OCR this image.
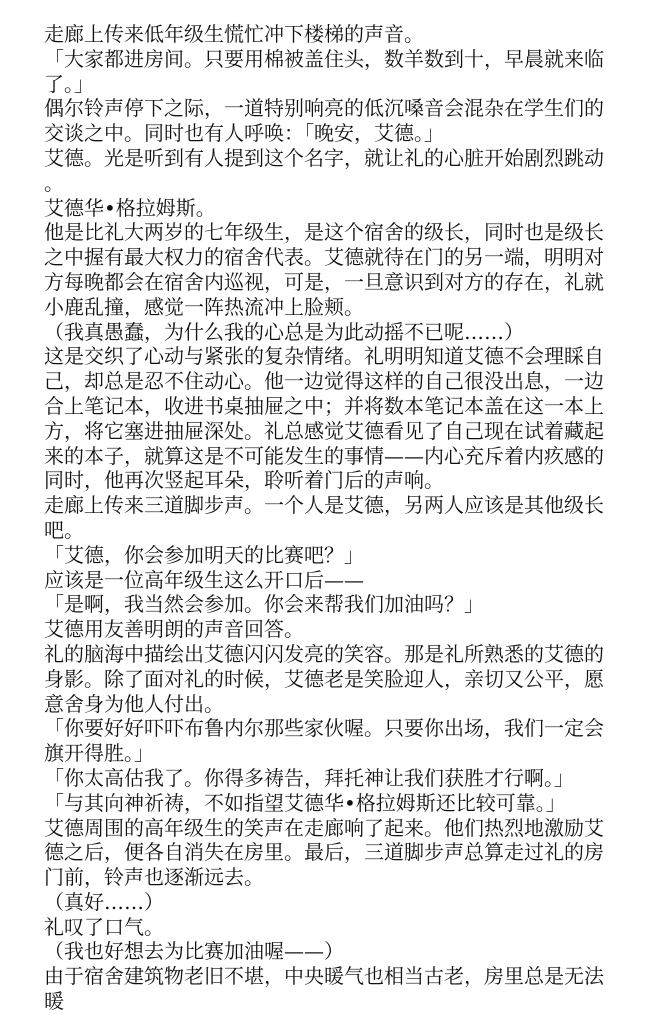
走廊上传来低年级生慌忙冲下楼梯的声音。

「大家都进房间。只要用棉被盖住头，数羊数到十，早晨就来临了。」

偶尔铃声停下之际，一道特别响亮的低沉嗓音会混杂在学生们的交谈之中。同时也有人呼唤：「晚安，艾德。」

艾德。光是听到有人提到这个名字，就让礼的心脏开始剧烈跳动。

艾德华•格拉姆斯。

他是比礼大两岁的七年级生，是这个宿舍的级长，同时也是级长之中握有最大权力的宿舍代表。艾德就待在门的另一端，明明对方每晚都会在宿舍内巡视，可是，一旦意识到对方的存在，礼就小鹿乱撞，感觉一阵热流冲上脸颊。

（我真愚蠢，为什么我的心总是为此动摇不已呢……）

这是交织了心动与紧张的复杂情绪。礼明明知道艾德不会理睬自己，却总是忍不住动心。他一边觉得这样的自己很没出息，一边合上笔记本，收进书桌抽屉之中；并将数本笔记本盖在这一本上方，将它塞进抽屉深处。礼总感觉艾德看见了自己现在试着藏起来的本子，就算这是不可能发生的事情——内心充斥着内疚感的同时，他再次竖起耳朵，聆听着门后的声响。

走廊上传来三道脚步声。一个人是艾德，另两人应该是其他级长吧。

「艾德，你会参加明天的比赛吧？」

应该是一位高年级生这么开口后——

「是啊，我当然会参加。你会来帮我们加油吗？」

艾德用友善明朗的声音回答。

礼的脑海中描绘出艾德闪闪发亮的笑容。那是礼所熟悉的艾德的身影。除了面对礼的时候，艾德老是笑脸迎人，亲切又公平，愿意舍身为他人付出。

「你要好好吓吓布鲁内尔那些家伙喔。只要你出场，我们一定会旗开得胜。」

「你太高估我了。你得多祷告，拜托神让我们获胜才行啊。」

「与其向神祈祷，不如指望艾德华•格拉姆斯还比较可靠。」

艾德周围的高年级生的笑声在走廊响了起来。他们热烈地激励艾德之后，便各自消失在房里。最后，三道脚步声总算走过礼的房门前，铃声也逐渐远去。

（真好……）

礼叹了口气。

（我也好想去为比赛加油喔——）

由于宿舍建筑物老旧不堪，中央暖气也相当古老，房里总是无法暖
